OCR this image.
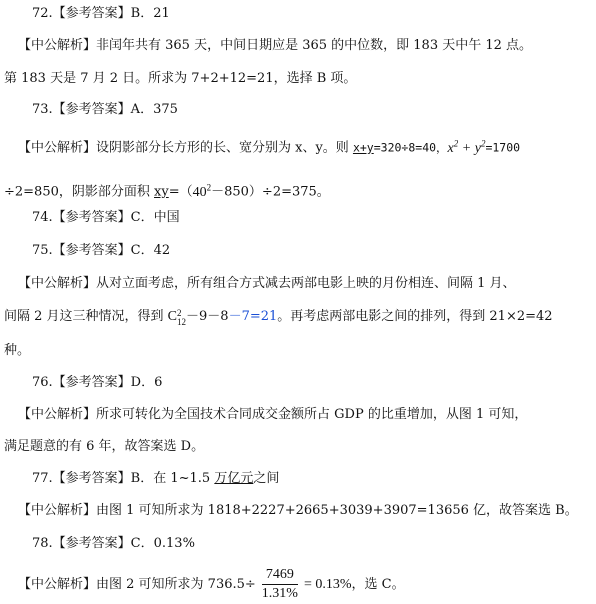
72.【参考答案】B．21
【中公解析】非闰年共有 365 天，中间日期应是 365 的中位数，即 183 天中午 12 点。
第 183 天是 7 月 2 日。所求为 7+2+12=21，选择 B 项。
73.【参考答案】A．375
【中公解析】设阴影部分长方形的长、宽分别为 x、y。则 x+y=320÷8=40，$x^2 + y^2=1700$
÷2=850，阴影部分面积 $xy=(40^2-850)\div 2=375$。
74.【参考答案】C．中国
75.【参考答案】C．42
【中公解析】从对立面考虑，所有组合方式减去两部电影上映的月份相连、间隔 1 月、
间隔 2 月这三种情况，得到 C 2
12 －9－8－7=21。再考虑两部电影之间的排列，得到 21×2=42
种。
76.【参考答案】D．6
【中公解析】所求可转化为全国技术合同成交金额所占 GDP 的比重增加，从图 1 可知，
满足题意的有 6 年，故答案选 D。
77.【参考答案】B．在 1~1.5 万亿元之间
【中公解析】由图 1 可知所求为 1818+2227+2665+3039+3907=13656 亿，故答案选 B。
78.【参考答案】C．0.13%
【中公解析】由图 2 可知所求为 $736.5\div \frac{7469}{1.31\%} = 0.13\%$，选 C。
